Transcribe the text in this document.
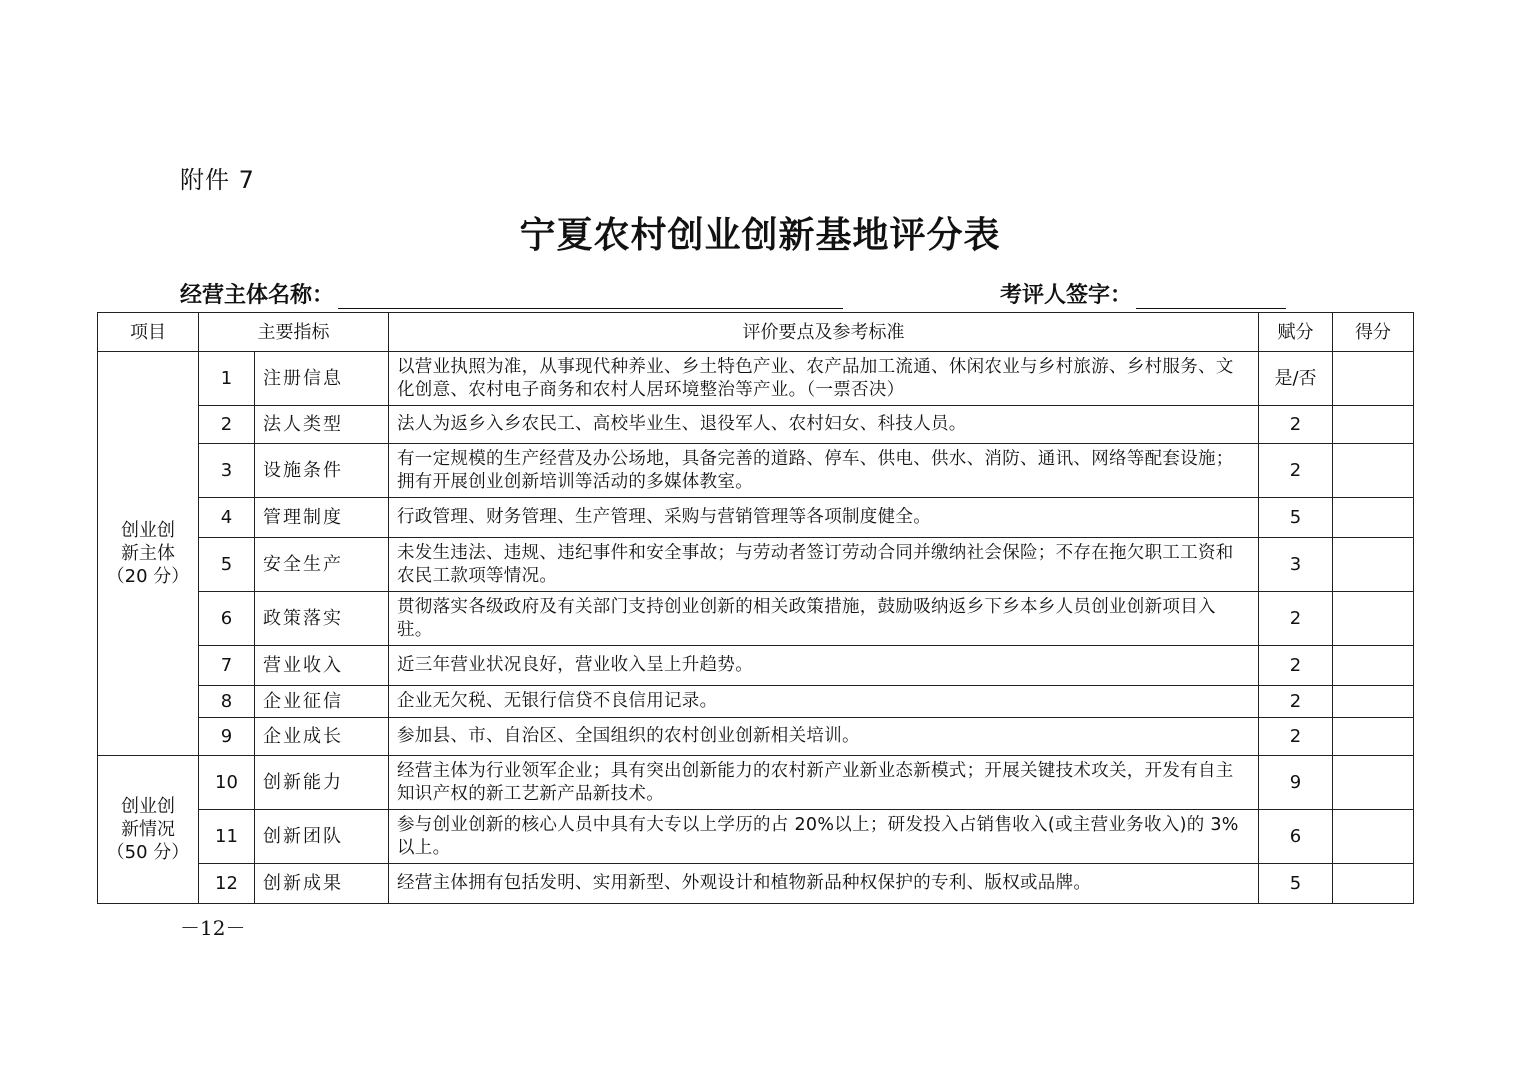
附件 7
宁夏农村创业创新基地评分表
经营主体名称：	考评人签字：
项目	主要指标		评价要点及参考标准	赋分	得分

创业创
新主体
（20 分）	1	注册信息	以营业执照为准，从事现代种养业、乡土特色产业、农产品加工流通、休闲农业与乡村旅游、乡村服务、文化创意、农村电子商务和农村人居环境整治等产业。（一票否决）	是/否	
	2	法人类型	法人为返乡入乡农民工、高校毕业生、退役军人、农村妇女、科技人员。	2	
	3	设施条件	有一定规模的生产经营及办公场地，具备完善的道路、停车、供电、供水、消防、通讯、网络等配套设施；拥有开展创业创新培训等活动的多媒体教室。	2	
	4	管理制度	行政管理、财务管理、生产管理、采购与营销管理等各项制度健全。	5	
	5	安全生产	未发生违法、违规、违纪事件和安全事故；与劳动者签订劳动合同并缴纳社会保险；不存在拖欠职工工资和农民工款项等情况。	3	
	6	政策落实	贯彻落实各级政府及有关部门支持创业创新的相关政策措施，鼓励吸纳返乡下乡本乡人员创业创新项目入驻。	2	
	7	营业收入	近三年营业状况良好，营业收入呈上升趋势。	2	
	8	企业征信	企业无欠税、无银行信贷不良信用记录。	2	
	9	企业成长	参加县、市、自治区、全国组织的农村创业创新相关培训。	2	

创业创
新情况
（50 分）	10	创新能力	经营主体为行业领军企业；具有突出创新能力的农村新产业新业态新模式；开展关键技术攻关，开发有自主知识产权的新工艺新产品新技术。	9	
	11	创新团队	参与创业创新的核心人员中具有大专以上学历的占 20%以上；研发投入占销售收入(或主营业务收入)的 3%以上。	6	
	12	创新成果	经营主体拥有包括发明、实用新型、外观设计和植物新品种权保护的专利、版权或品牌。	5	
－12－
